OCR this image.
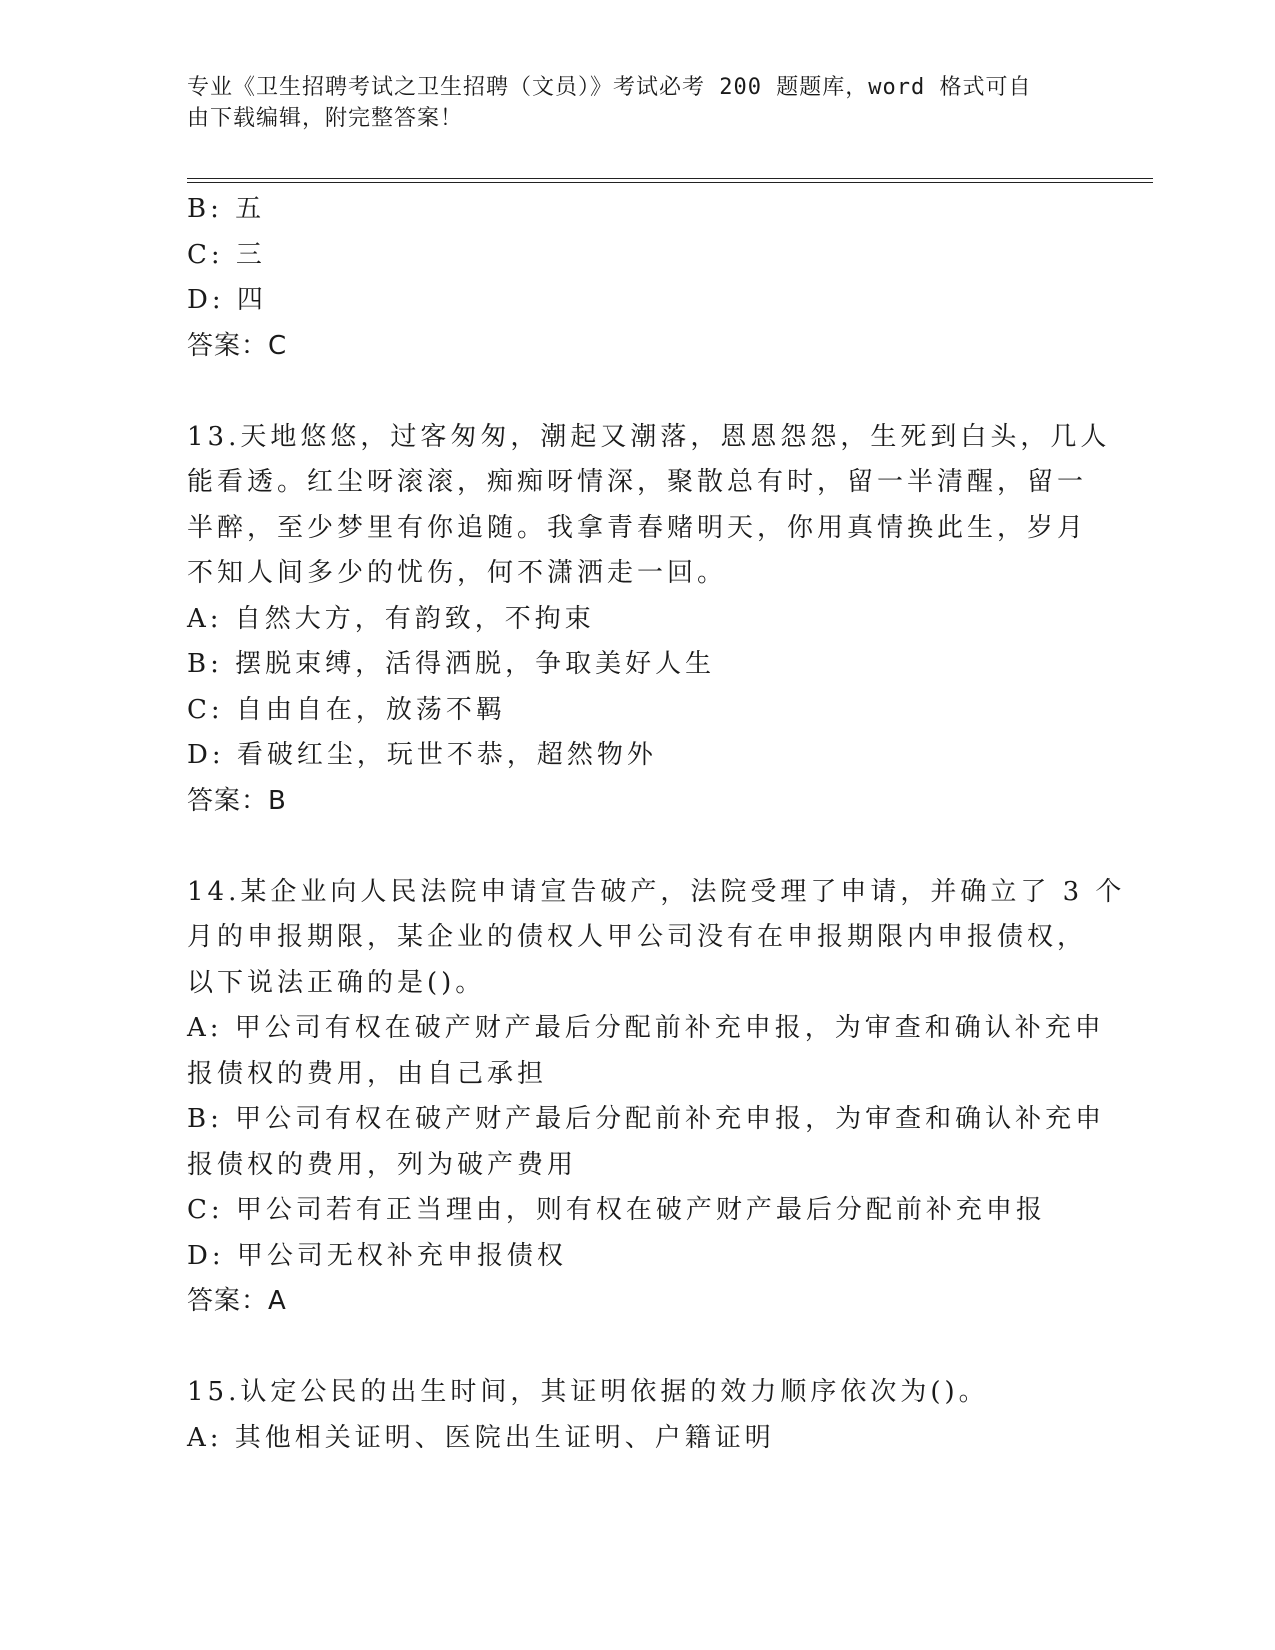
专业《卫生招聘考试之卫生招聘（文员）》考试必考 200 题题库，word 格式可自
由下载编辑，附完整答案！
B: 五
C: 三
D: 四
答案：C
13.天地悠悠，过客匆匆，潮起又潮落，恩恩怨怨，生死到白头，几人
能看透。红尘呀滚滚，痴痴呀情深，聚散总有时，留一半清醒，留一
半醉，至少梦里有你追随。我拿青春赌明天，你用真情换此生，岁月
不知人间多少的忧伤，何不潇洒走一回。
A: 自然大方，有韵致，不拘束
B: 摆脱束缚，活得洒脱，争取美好人生
C: 自由自在，放荡不羁
D: 看破红尘，玩世不恭，超然物外
答案：B
14.某企业向人民法院申请宣告破产，法院受理了申请，并确立了 3 个
月的申报期限，某企业的债权人甲公司没有在申报期限内申报债权，
以下说法正确的是()。
A: 甲公司有权在破产财产最后分配前补充申报，为审查和确认补充申
报债权的费用，由自己承担
B: 甲公司有权在破产财产最后分配前补充申报，为审查和确认补充申
报债权的费用，列为破产费用
C: 甲公司若有正当理由，则有权在破产财产最后分配前补充申报
D: 甲公司无权补充申报债权
答案：A
15.认定公民的出生时间，其证明依据的效力顺序依次为()。
A: 其他相关证明、医院出生证明、户籍证明
